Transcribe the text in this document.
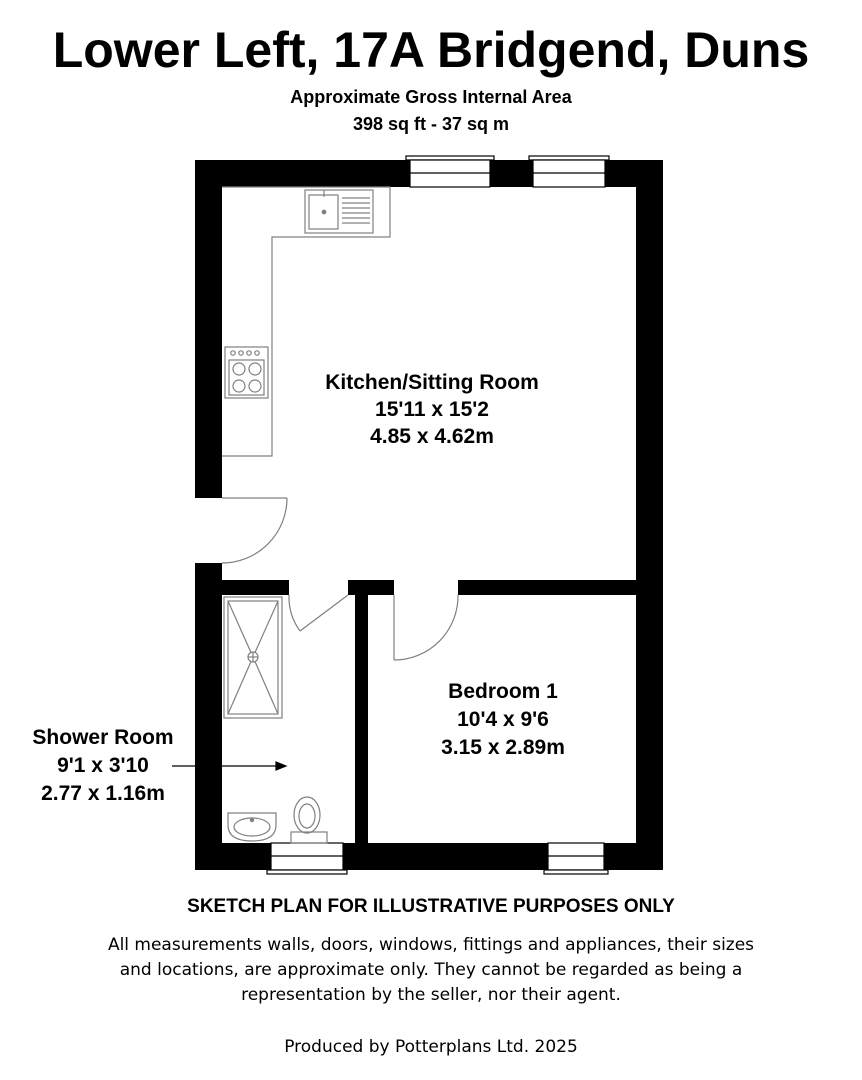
Lower Left, 17A Bridgend, Duns
Approximate Gross Internal Area
398 sq ft - 37 sq m
Kitchen/Sitting Room
15'11 x 15'2
4.85 x 4.62m
Bedroom 1
10'4 x 9'6
3.15 x 2.89m
Shower Room
9'1 x 3'10
2.77 x 1.16m
SKETCH PLAN FOR ILLUSTRATIVE PURPOSES ONLY
All measurements walls, doors, windows, fittings and appliances, their sizes and locations, are approximate only. They cannot be regarded as being a representation by the seller, nor their agent.
Produced by Potterplans Ltd. 2025
